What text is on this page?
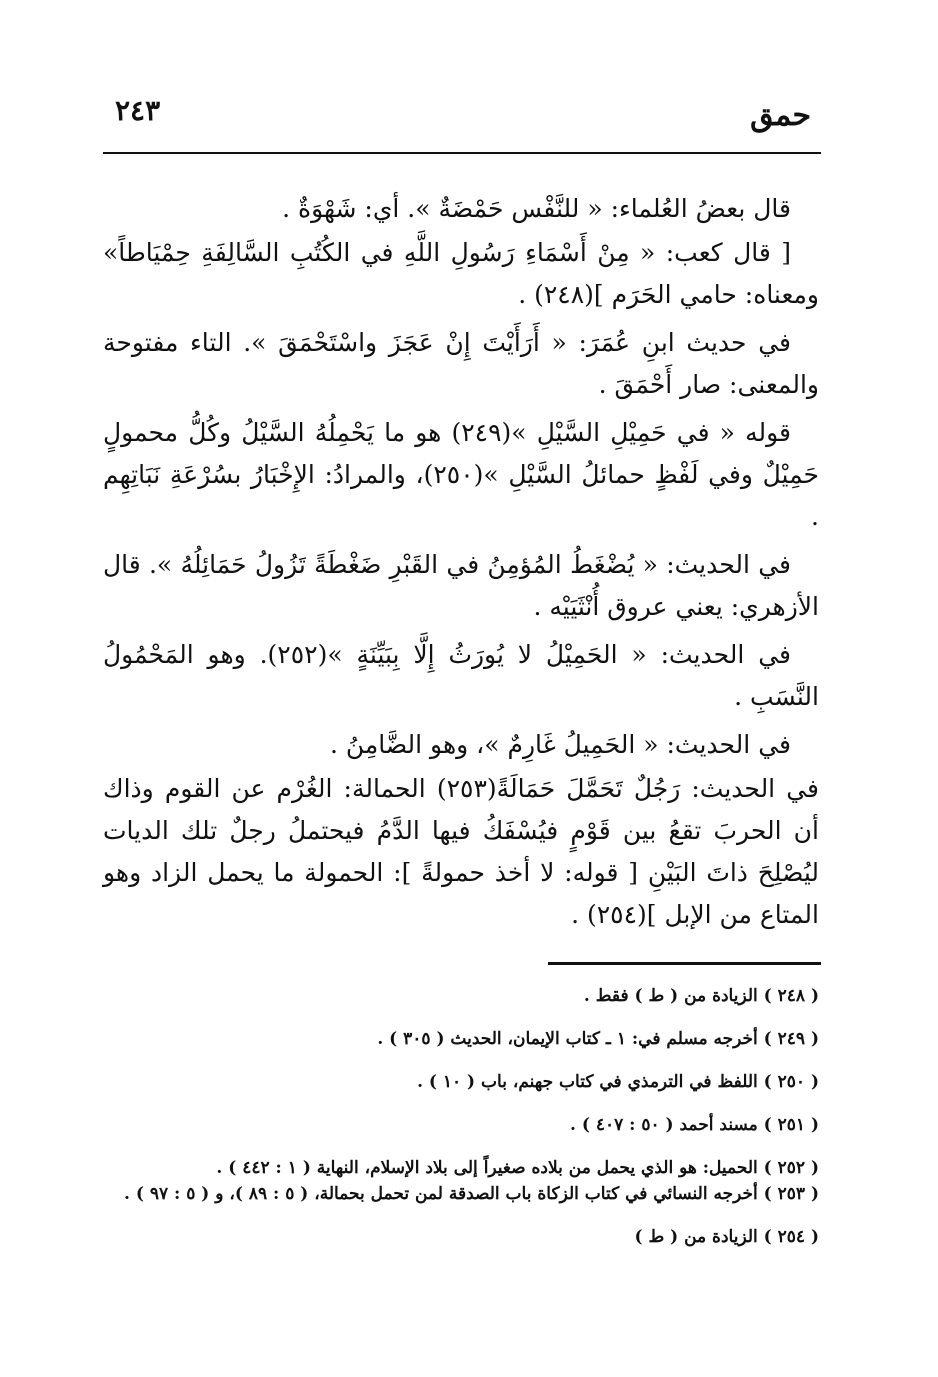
حمق
٢٤٣

قال بعضُ العُلماء: « للنَّفْس حَمْضَةٌ ». أي: شَهْوَةٌ .

[ قال كعب: « مِنْ أَسْمَاءِ رَسُولِ اللَّهِ في الكُتُبِ السَّالِفَةِ حِمْيَاطاً» ومعناه: حامي الحَرَم ](٢٤٨) .

في حديث ابنِ عُمَرَ: « أَرَأَيْتَ إِنْ عَجَزَ واسْتَحْمَقَ ». التاء مفتوحة والمعنى: صار أَحْمَقَ .

قوله « في حَمِيْلِ السَّيْلِ »(٢٤٩) هو ما يَحْمِلُهُ السَّيْلُ وكُلُّ محمولٍ حَمِيْلٌ وفي لَفْظٍ حمائلُ السَّيْلِ »(٢٥٠)، والمرادُ: الإِخْبَارُ بسُرْعَةِ نَبَاتِهِم .

في الحديث: « يُضْغَطُ المُؤمِنُ في القَبْرِ ضَغْطَةً تَزُولُ حَمَائِلُهُ ». قال الأزهري: يعني عروق أُنْثَيَيْه .

في الحديث: « الحَمِيْلُ لا يُورَثُ إِلَّا بِبَيِّنَةٍ »(٢٥٢). وهو المَحْمُولُ النَّسَبِ .

في الحديث: « الحَمِيلُ غَارِمٌ »، وهو الضَّامِنُ .

في الحديث: رَجُلٌ تَحَمَّلَ حَمَالَةً(٢٥٣) الحمالة: الغُرْم عن القوم وذاك أن الحربَ تقعُ بين قَوْمٍ فيُسْفَكُ فيها الدَّمُ فيحتملُ رجلٌ تلك الديات ليُصْلِحَ ذاتَ البَيْنِ [ قوله: لا أخذ حمولةً ]: الحمولة ما يحمل الزاد وهو المتاع من الإبل ](٢٥٤) .

( ٢٤٨ ) الزيادة من ( ط ) فقط .

( ٢٤٩ ) أخرجه مسلم في: ١ ـ كتاب الإيمان، الحديث ( ٣٠٥ ) .

( ٢٥٠ ) اللفظ في الترمذي في كتاب جهنم، باب ( ١٠ ) .

( ٢٥١ ) مسند أحمد ( ٥٠ : ٤٠٧ ) .

( ٢٥٢ ) الحميل: هو الذي يحمل من بلاده صغيراً إلى بلاد الإسلام، النهاية ( ١ : ٤٤٢ ) .

( ٢٥٣ ) أخرجه النسائي في كتاب الزكاة باب الصدقة لمن تحمل بحمالة، ( ٥ : ٨٩ )، و ( ٥ : ٩٧ ) .

( ٢٥٤ ) الزيادة من ( ط )
